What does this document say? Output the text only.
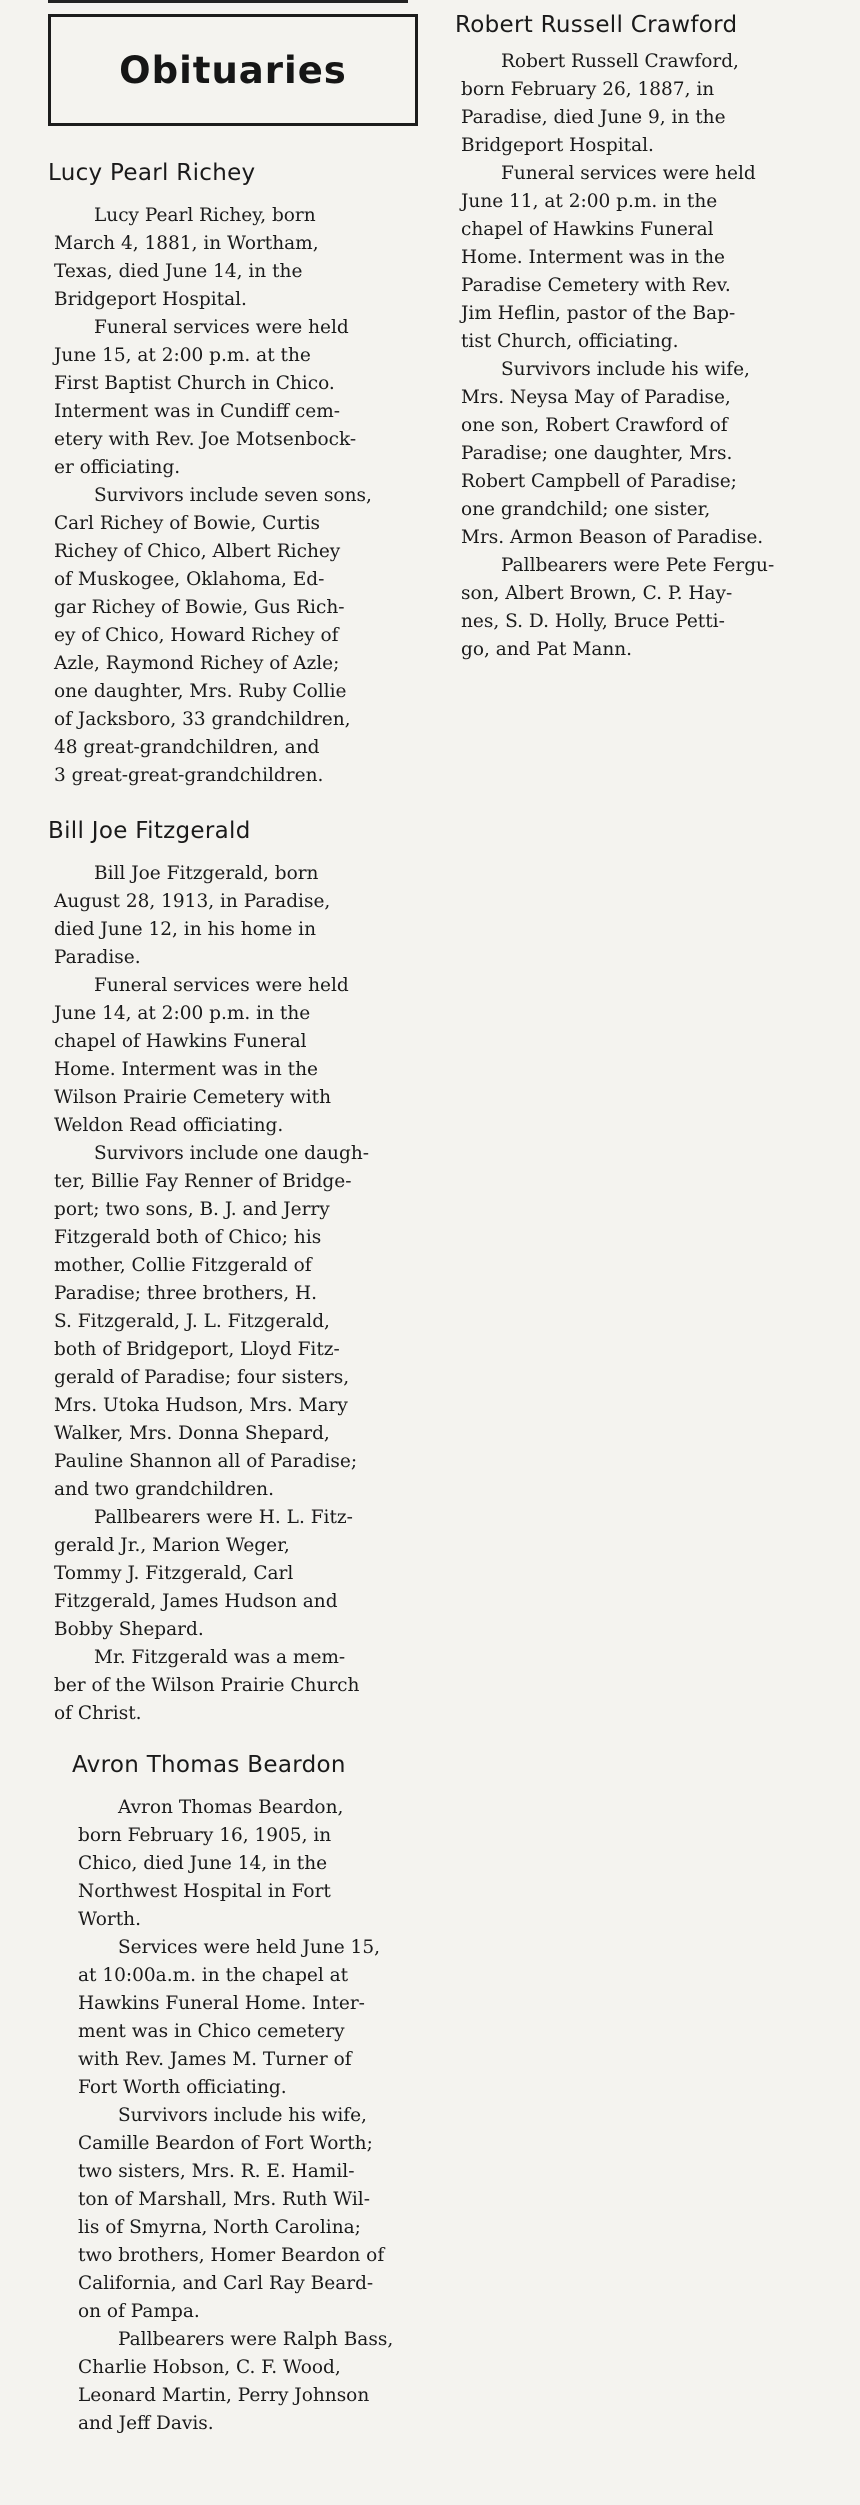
Obituaries
Lucy Pearl Richey

Lucy Pearl Richey, born
March 4, 1881, in Wortham,
Texas, died June 14, in the
Bridgeport Hospital.

Funeral services were held
June 15, at 2:00 p.m. at the
First Baptist Church in Chico.
Interment was in Cundiff cem-
etery with Rev. Joe Motsenbock-
er officiating.

Survivors include seven sons,
Carl Richey of Bowie, Curtis
Richey of Chico, Albert Richey
of Muskogee, Oklahoma, Ed-
gar Richey of Bowie, Gus Rich-
ey of Chico, Howard Richey of
Azle, Raymond Richey of Azle;
one daughter, Mrs. Ruby Collie
of Jacksboro, 33 grandchildren,
48 great-grandchildren, and
3 great-great-grandchildren.

Bill Joe Fitzgerald

Bill Joe Fitzgerald, born
August 28, 1913, in Paradise,
died June 12, in his home in
Paradise.

Funeral services were held
June 14, at 2:00 p.m. in the
chapel of Hawkins Funeral
Home. Interment was in the
Wilson Prairie Cemetery with
Weldon Read officiating.

Survivors include one daugh-
ter, Billie Fay Renner of Bridge-
port; two sons, B. J. and Jerry
Fitzgerald both of Chico; his
mother, Collie Fitzgerald of
Paradise; three brothers, H.
S. Fitzgerald, J. L. Fitzgerald,
both of Bridgeport, Lloyd Fitz-
gerald of Paradise; four sisters,
Mrs. Utoka Hudson, Mrs. Mary
Walker, Mrs. Donna Shepard,
Pauline Shannon all of Paradise;
and two grandchildren.

Pallbearers were H. L. Fitz-
gerald Jr., Marion Weger,
Tommy J. Fitzgerald, Carl
Fitzgerald, James Hudson and
Bobby Shepard.

Mr. Fitzgerald was a mem-
ber of the Wilson Prairie Church
of Christ.

Avron Thomas Beardon

Avron Thomas Beardon,
born February 16, 1905, in
Chico, died June 14, in the
Northwest Hospital in Fort
Worth.

Services were held June 15,
at 10:00a.m. in the chapel at
Hawkins Funeral Home. Inter-
ment was in Chico cemetery
with Rev. James M. Turner of
Fort Worth officiating.

Survivors include his wife,
Camille Beardon of Fort Worth;
two sisters, Mrs. R. E. Hamil-
ton of Marshall, Mrs. Ruth Wil-
lis of Smyrna, North Carolina;
two brothers, Homer Beardon of
California, and Carl Ray Beard-
on of Pampa.

Pallbearers were Ralph Bass,
Charlie Hobson, C. F. Wood,
Leonard Martin, Perry Johnson
and Jeff Davis.

Robert Russell Crawford

Robert Russell Crawford,
born February 26, 1887, in
Paradise, died June 9, in the
Bridgeport Hospital.

Funeral services were held
June 11, at 2:00 p.m. in the
chapel of Hawkins Funeral
Home. Interment was in the
Paradise Cemetery with Rev.
Jim Heflin, pastor of the Bap-
tist Church, officiating.

Survivors include his wife,
Mrs. Neysa May of Paradise,
one son, Robert Crawford of
Paradise; one daughter, Mrs.
Robert Campbell of Paradise;
one grandchild; one sister,
Mrs. Armon Beason of Paradise.

Pallbearers were Pete Fergu-
son, Albert Brown, C. P. Hay-
nes, S. D. Holly, Bruce Petti-
go, and Pat Mann.
